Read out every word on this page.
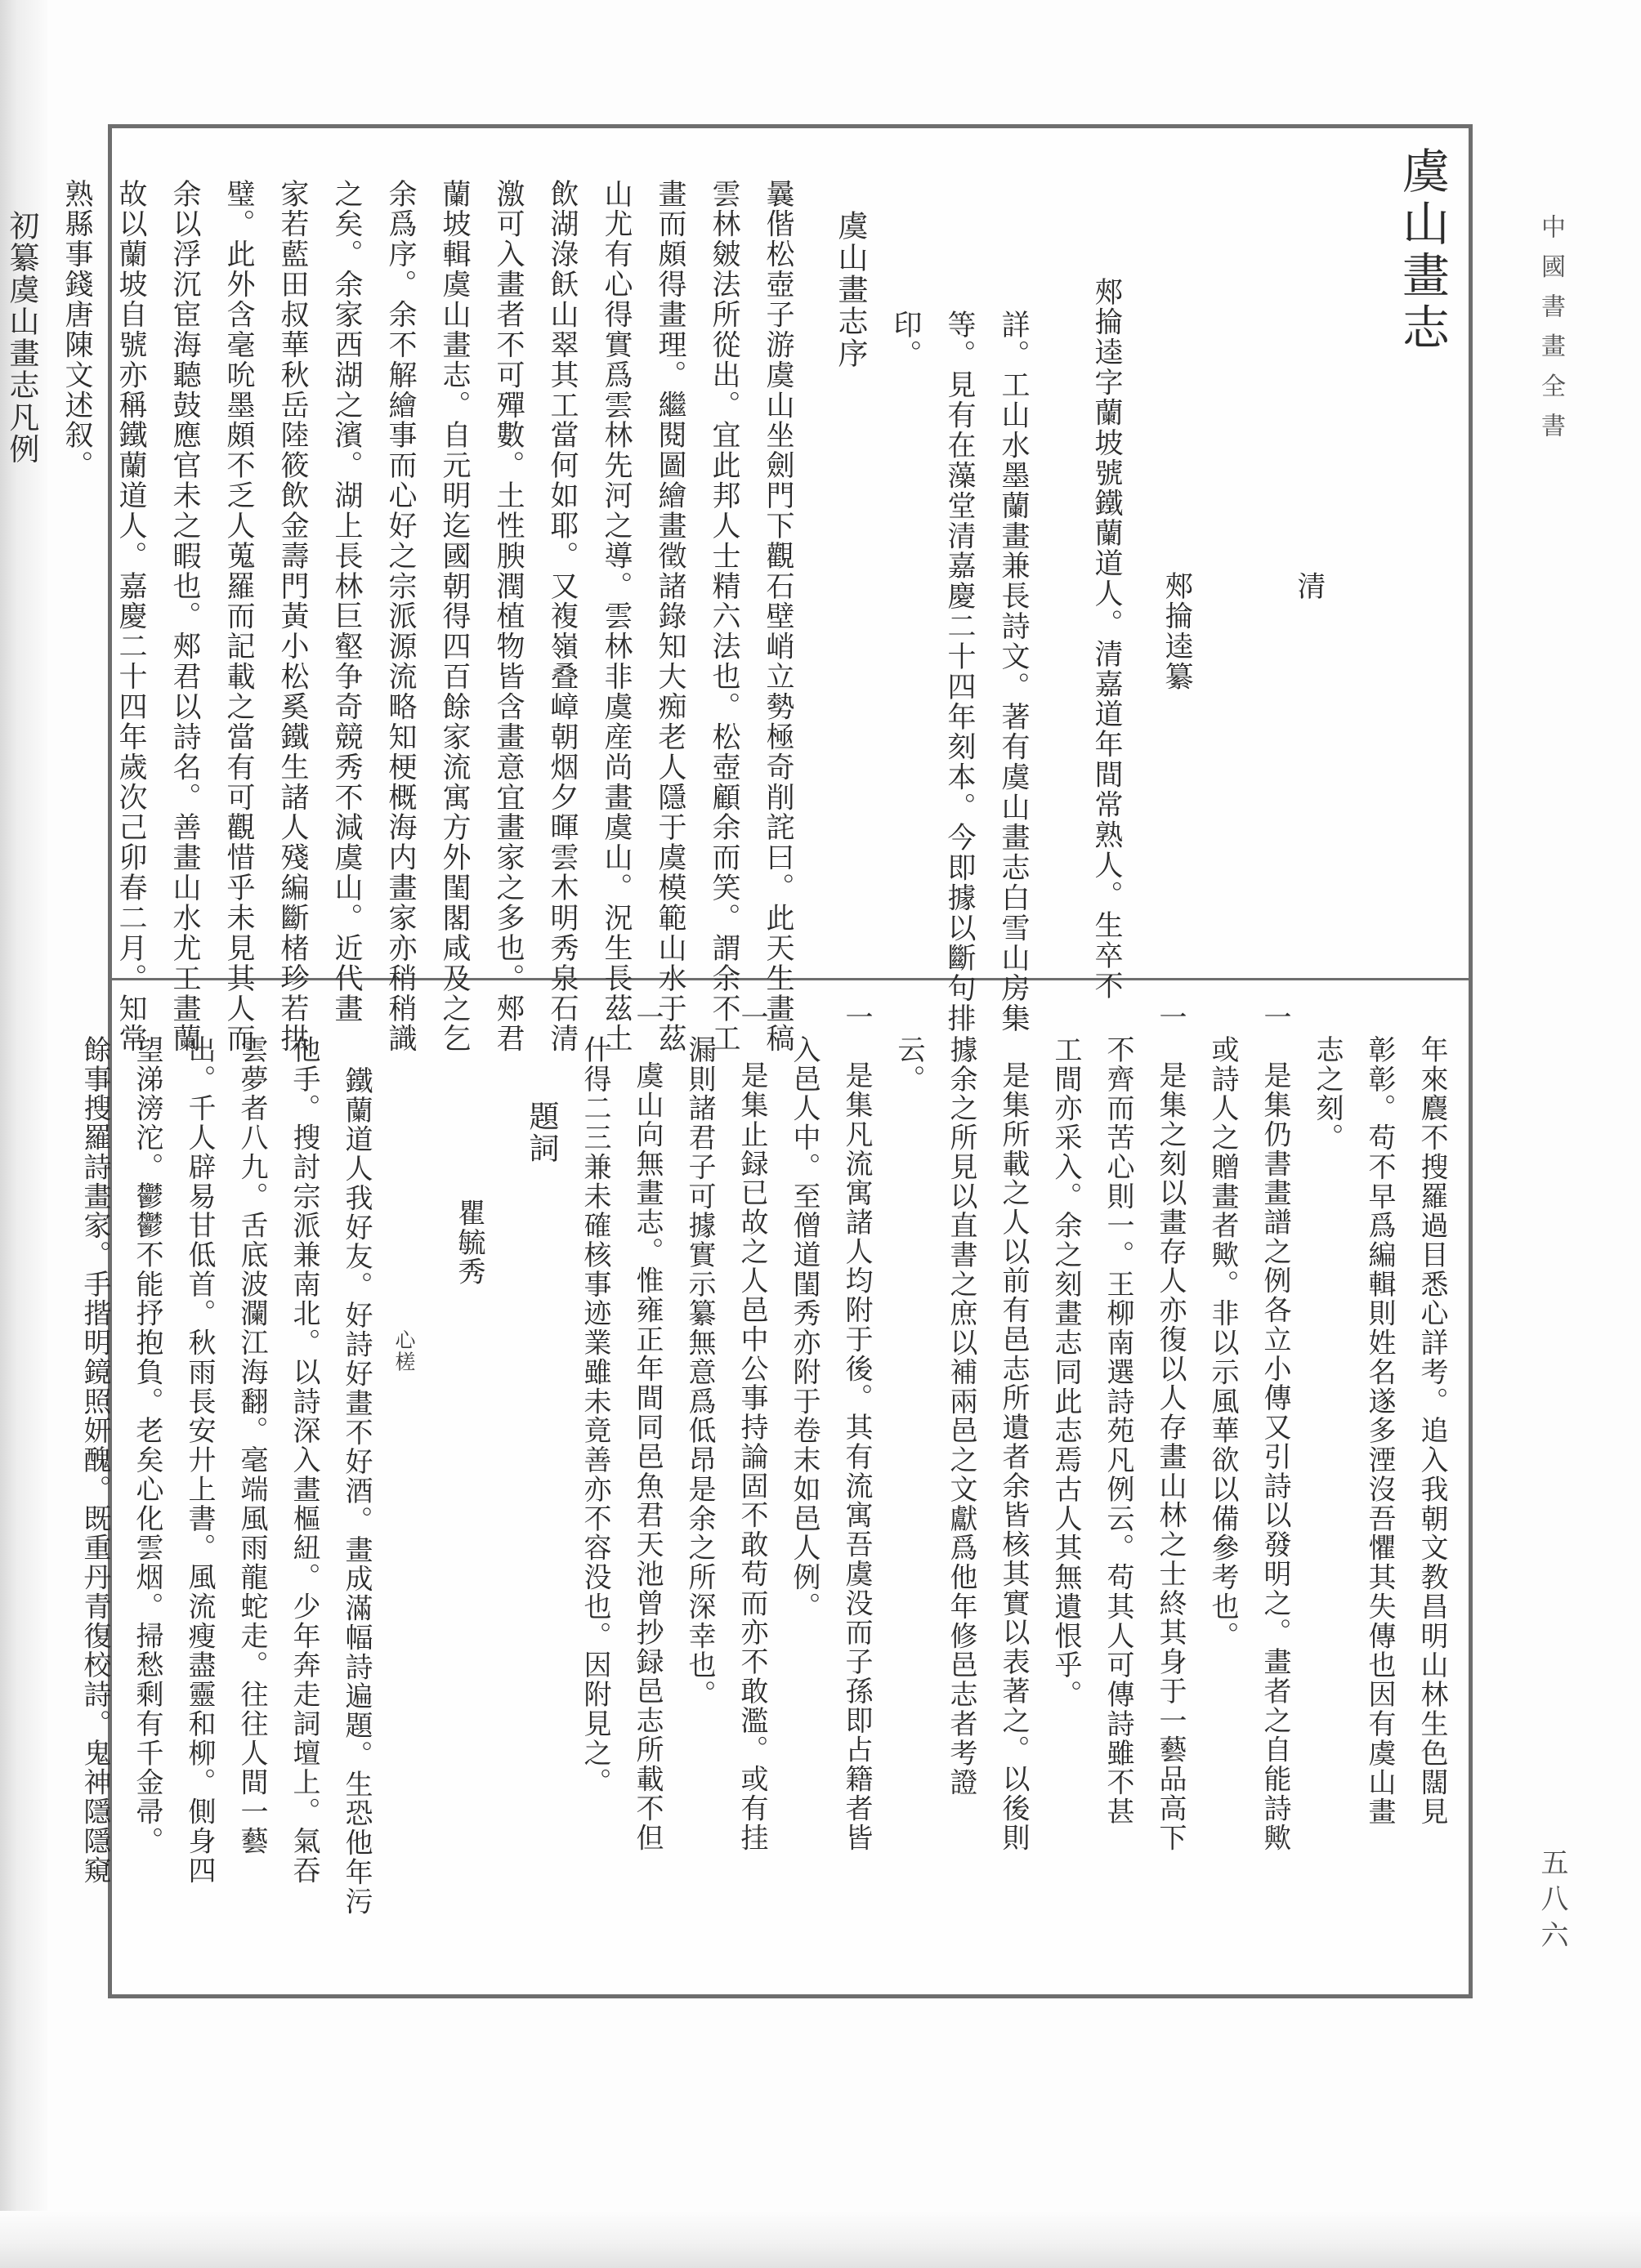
中國書畫全書
五八六
虞山畫志
清
郟掄逵纂
郟掄逵字蘭坡號鐵蘭道人。清嘉道年間常熟人。生卒不
詳。工山水墨蘭畫兼長詩文。著有虞山畫志白雪山房集
等。見有在藻堂清嘉慶二十四年刻本。今即據以斷句排
印。
虞山畫志序
曩偕松壺子游虞山坐劍門下觀石壁峭立勢極奇削詫曰。此天生畫稿
雲林皴法所從出。宜此邦人士精六法也。松壺顧余而笑。謂余不工
畫而頗得畫理。繼閱圖繪畫徵諸錄知大痴老人隱于虞模範山水于茲
山尤有心得實爲雲林先河之導。雲林非虞産尚畫虞山。況生長茲土
飲湖淥飫山翠其工當何如耶。又複嶺叠嶂朝烟夕暉雲木明秀泉石清
激可入畫者不可殫數。土性腴潤植物皆含畫意宜畫家之多也。郟君
蘭坡輯虞山畫志。自元明迄國朝得四百餘家流寓方外閨閣咸及之乞
余爲序。余不解繪事而心好之宗派源流略知梗概海内畫家亦稍稍識
之矣。余家西湖之濱。湖上長林巨壑争奇競秀不減虞山。近代畫
家若藍田叔華秋岳陸筱飲金壽門黃小松奚鐵生諸人殘編斷楮珍若拱
璧。此外含毫吮墨頗不乏人蒐羅而記載之當有可觀惜乎未見其人而
余以浮沉宦海聽鼓應官未之暇也。郟君以詩名。善畫山水尤工畫蘭
故以蘭坡自號亦稱鐵蘭道人。嘉慶二十四年歲次己卯春二月。知常
熟縣事錢唐陳文述叙。
初纂虞山畫志凡例
年來麎不搜羅過目悉心詳考。追入我朝文教昌明山林生色闊見
彰彰。苟不早爲編輯則姓名遂多湮沒吾懼其失傳也因有虞山畫
志之刻。
一　是集仍書畫譜之例各立小傳又引詩以發明之。畫者之自能詩歟
或詩人之贈畫者歟。非以示風華欲以備參考也。
一　是集之刻以畫存人亦復以人存畫山林之士終其身于一藝品高下
不齊而苦心則一。王柳南選詩苑凡例云。苟其人可傳詩雖不甚
工間亦采入。余之刻畫志同此志焉古人其無遺恨乎。
一　是集所載之人以前有邑志所遺者余皆核其實以表著之。以後則
據余之所見以直書之庶以補兩邑之文獻爲他年修邑志者考證
云。
一　是集凡流寓諸人均附于後。其有流寓吾虞没而子孫即占籍者皆
入邑人中。至僧道閨秀亦附于卷末如邑人例。
一　是集止録已故之人邑中公事持論固不敢苟而亦不敢濫。或有挂
漏則諸君子可據實示纂無意爲低昂是余之所深幸也。
一　虞山向無畫志。惟雍正年間同邑魚君天池曾抄録邑志所載不但
什得二三兼未確核事迹業雖未竟善亦不容没也。因附見之。
題詞
瞿毓秀
心槎
鐵蘭道人我好友。好詩好畫不好酒。畫成滿幅詩遍題。生恐他年污
他手。搜討宗派兼南北。以詩深入畫樞紐。少年奔走詞壇上。氣吞
雲夢者八九。舌底波瀾江海翻。毫端風雨龍蛇走。往往人間一藝
出。千人辟易甘低首。秋雨長安廾上書。風流瘦盡靈和柳。側身四
望涕滂沱。鬱鬱不能抒抱負。老矣心化雲烟。掃愁剩有千金帚。
餘事搜羅詩畫家。手揩明鏡照妍醜。既重丹青復校詩。鬼神隱隱窺
